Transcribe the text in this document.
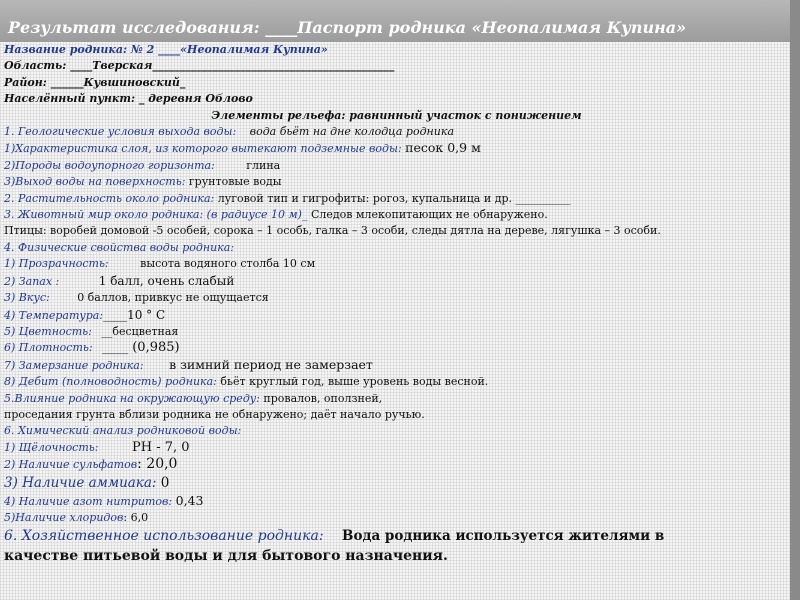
Результат исследования: ____Паспорт родника «Неопалимая Купина»
Название родника: № 2 ____«Неопалимая Купина»
Область: ____Тверская____________________________________________
Район: ______Кувшиновский_
Населённый пункт: _ деревня Облово
Элементы рельефа: равнинный участок с понижением
1. Геологические условия выхода воды: вода бьёт на дне колодца родника
1)Характеристика слоя, из которого вытекают подземные воды: песок 0,9 м
2)Породы водоупорного горизонта:	глина
3)Выход воды на поверхность: грунтовые воды
2. Растительность около родника: луговой тип и гигрофиты: рогоз, купальница и др. __________
3. Животный мир около родника: (в радиусе 10 м)_ Следов млекопитающих не обнаружено.
Птицы: воробей домовой -5 особей, сорока – 1 особь, галка – 3 особи, следы дятла на дереве, лягушка – 3 особи.
4. Физические свойства воды родника:
1) Прозрачность:	высота водяного столба 10 см
2) Запах :	1 балл, очень слабый
3) Вкус:	0 баллов, привкус не ощущается
4) Температура:____10 ° C
5) Цветность: __бесцветная
6) Плотность: ____ (0,985)
7) Замерзание родника: в зимний период не замерзает
8) Дебит (полноводность) родника: бьёт круглый год, выше уровень воды весной.
5.Влияние родника на окружающую среду: провалов, оползней,
проседания грунта вблизи родника не обнаружено; даёт начало ручью.
6. Химический анализ родниковой воды:
1) Щёлочность:	PH - 7, 0
2) Наличие сульфатов: 20,0
3) Наличие аммиака: 0
4) Наличие азот нитритов: 0,43
5)Наличие хлоридов: 6,0
6. Хозяйственное использование родника: Вода родника используется жителями в
качестве питьевой воды и для бытового назначения.
